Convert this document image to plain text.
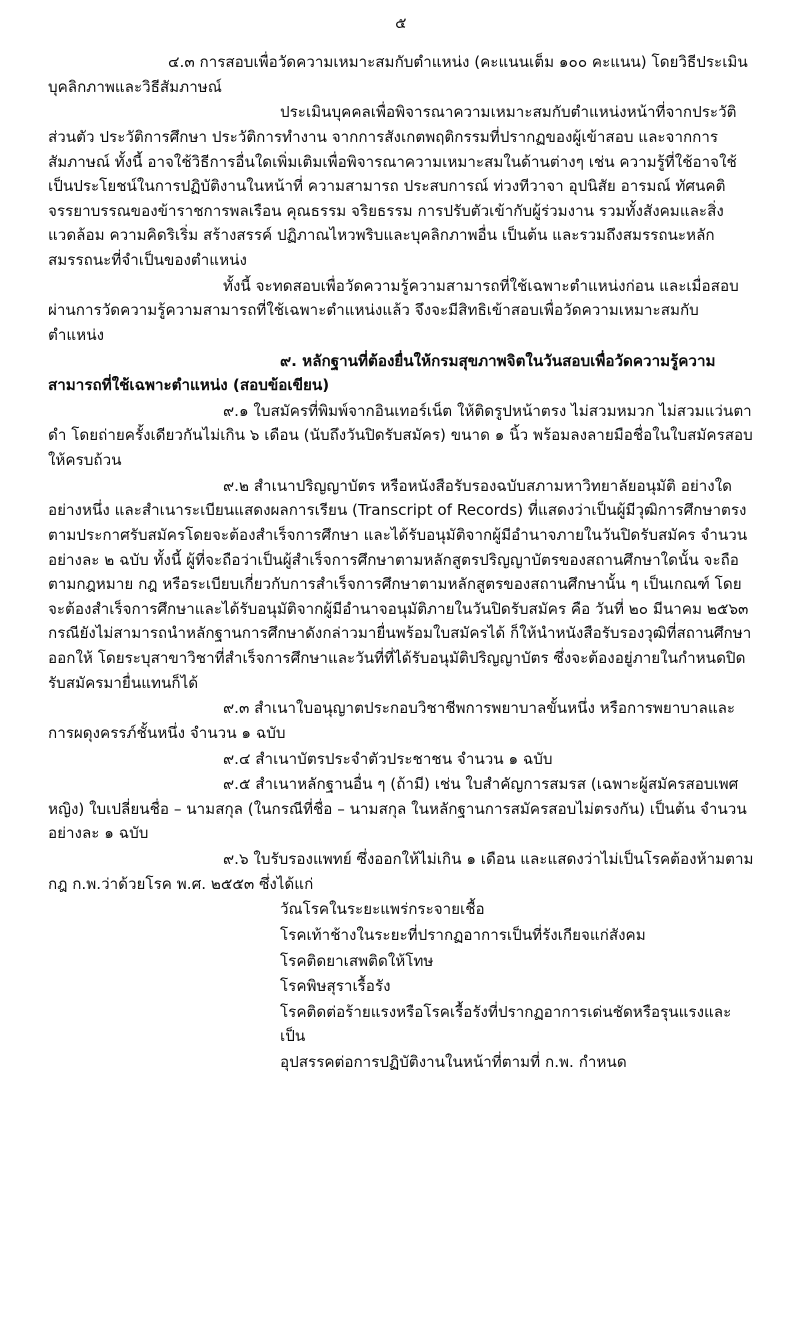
๕

๔.๓ การสอบเพื่อวัดความเหมาะสมกับตำแหน่ง (คะแนนเต็ม ๑๐๐ คะแนน) โดยวิธีประเมินบุคลิกภาพและวิธีสัมภาษณ์

ประเมินบุคคลเพื่อพิจารณาความเหมาะสมกับตำแหน่งหน้าที่จากประวัติส่วนตัว ประวัติการศึกษา ประวัติการทำงาน จากการสังเกตพฤติกรรมที่ปรากฏของผู้เข้าสอบ และจากการสัมภาษณ์ ทั้งนี้ อาจใช้วิธีการอื่นใดเพิ่มเติมเพื่อพิจารณาความเหมาะสมในด้านต่างๆ เช่น ความรู้ที่ใช้อาจใช้เป็นประโยชน์ในการปฏิบัติงานในหน้าที่ ความสามารถ ประสบการณ์ ท่วงทีวาจา อุปนิสัย อารมณ์ ทัศนคติ จรรยาบรรณของข้าราชการพลเรือน คุณธรรม จริยธรรม การปรับตัวเข้ากับผู้ร่วมงาน รวมทั้งสังคมและสิ่งแวดล้อม ความคิดริเริ่ม สร้างสรรค์ ปฏิภาณไหวพริบและบุคลิกภาพอื่น เป็นต้น และรวมถึงสมรรถนะหลัก สมรรถนะที่จำเป็นของตำแหน่ง

ทั้งนี้ จะทดสอบเพื่อวัดความรู้ความสามารถที่ใช้เฉพาะตำแหน่งก่อน และเมื่อสอบผ่านการวัดความรู้ความสามารถที่ใช้เฉพาะตำแหน่งแล้ว จึงจะมีสิทธิเข้าสอบเพื่อวัดความเหมาะสมกับตำแหน่ง

๙. หลักฐานที่ต้องยื่นให้กรมสุขภาพจิตในวันสอบเพื่อวัดความรู้ความสามารถที่ใช้เฉพาะตำแหน่ง (สอบข้อเขียน)

๙.๑ ใบสมัครที่พิมพ์จากอินเทอร์เน็ต ให้ติดรูปหน้าตรง ไม่สวมหมวก ไม่สวมแว่นตาดำ โดยถ่ายครั้งเดียวกันไม่เกิน ๖ เดือน (นับถึงวันปิดรับสมัคร) ขนาด ๑ นิ้ว พร้อมลงลายมือชื่อในใบสมัครสอบให้ครบถ้วน

๙.๒ สำเนาปริญญาบัตร หรือหนังสือรับรองฉบับสภามหาวิทยาลัยอนุมัติ อย่างใดอย่างหนึ่ง และสำเนาระเบียนแสดงผลการเรียน (Transcript of Records) ที่แสดงว่าเป็นผู้มีวุฒิการศึกษาตรงตามประกาศรับสมัครโดยจะต้องสำเร็จการศึกษา และได้รับอนุมัติจากผู้มีอำนาจภายในวันปิดรับสมัคร จำนวนอย่างละ ๒ ฉบับ ทั้งนี้ ผู้ที่จะถือว่าเป็นผู้สำเร็จการศึกษาตามหลักสูตรปริญญาบัตรของสถานศึกษาใดนั้น จะถือตามกฎหมาย กฎ หรือระเบียบเกี่ยวกับการสำเร็จการศึกษาตามหลักสูตรของสถานศึกษานั้น ๆ เป็นเกณฑ์ โดยจะต้องสำเร็จการศึกษาและได้รับอนุมัติจากผู้มีอำนาจอนุมัติภายในวันปิดรับสมัคร คือ วันที่ ๒๐ มีนาคม ๒๕๖๓ กรณียังไม่สามารถนำหลักฐานการศึกษาดังกล่าวมายื่นพร้อมใบสมัครได้ ก็ให้นำหนังสือรับรองวุฒิที่สถานศึกษาออกให้ โดยระบุสาขาวิชาที่สำเร็จการศึกษาและวันที่ที่ได้รับอนุมัติปริญญาบัตร ซึ่งจะต้องอยู่ภายในกำหนดปิดรับสมัครมายื่นแทนก็ได้

๙.๓ สำเนาใบอนุญาตประกอบวิชาชีพการพยาบาลขั้นหนึ่ง หรือการพยาบาลและการผดุงครรภ์ชั้นหนึ่ง จำนวน ๑ ฉบับ

๙.๔ สำเนาบัตรประจำตัวประชาชน จำนวน ๑ ฉบับ

๙.๕ สำเนาหลักฐานอื่น ๆ (ถ้ามี) เช่น ใบสำคัญการสมรส (เฉพาะผู้สมัครสอบเพศหญิง) ใบเปลี่ยนชื่อ – นามสกุล (ในกรณีที่ชื่อ – นามสกุล ในหลักฐานการสมัครสอบไม่ตรงกัน) เป็นต้น จำนวนอย่างละ ๑ ฉบับ

๙.๖ ใบรับรองแพทย์ ซึ่งออกให้ไม่เกิน ๑ เดือน และแสดงว่าไม่เป็นโรคต้องห้ามตามกฎ ก.พ.ว่าด้วยโรค พ.ศ. ๒๕๕๓ ซึ่งได้แก่

วัณโรคในระยะแพร่กระจายเชื้อ

โรคเท้าช้างในระยะที่ปรากฏอาการเป็นที่รังเกียจแก่สังคม

โรคติดยาเสพติดให้โทษ

โรคพิษสุราเรื้อรัง

โรคติดต่อร้ายแรงหรือโรคเรื้อรังที่ปรากฏอาการเด่นชัดหรือรุนแรงและเป็น

อุปสรรคต่อการปฏิบัติงานในหน้าที่ตามที่ ก.พ. กำหนด
